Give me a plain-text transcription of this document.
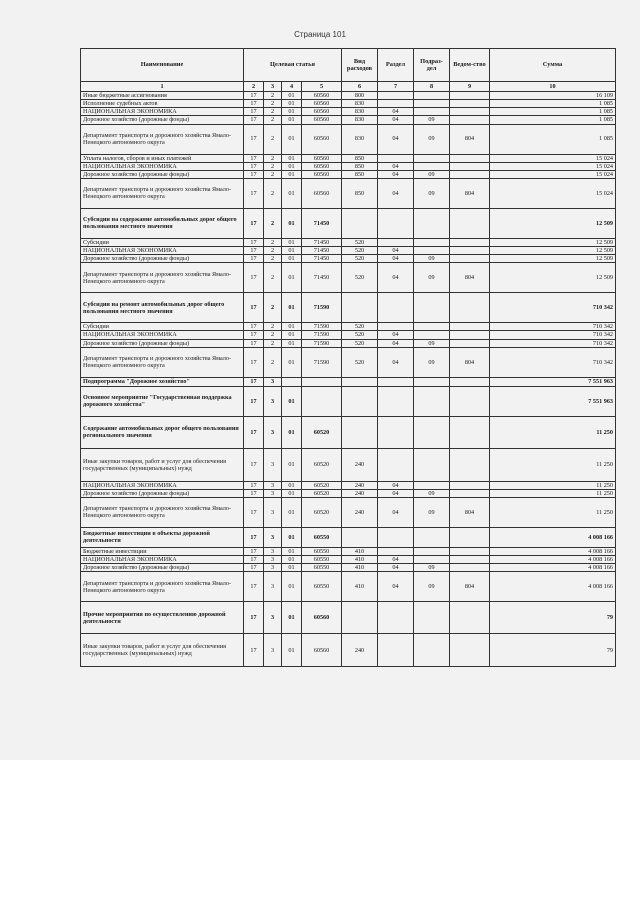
Страница 101
Наименование	Целевая статья				Вид расходов	Раздел	Подраз-дел	Ведом-ство	Сумма
1	2	3	4	5	6	7	8	9	10
Иные бюджетные ассигнования	17	2	01	60560	800				16 109
Исполнение судебных актов	17	2	01	60560	830				1 085
НАЦИОНАЛЬНАЯ ЭКОНОМИКА	17	2	01	60560	830	04			1 085
Дорожное хозяйство (дорожные фонды)	17	2	01	60560	830	04	09		1 085
Департамент транспорта и дорожного хозяйства Ямало-Ненецкого автономного округа	17	2	01	60560	830	04	09	804	1 085
Уплата налогов, сборов и иных платежей	17	2	01	60560	850				15 024
НАЦИОНАЛЬНАЯ ЭКОНОМИКА	17	2	01	60560	850	04			15 024
Дорожное хозяйство (дорожные фонды)	17	2	01	60560	850	04	09		15 024
Департамент транспорта и дорожного хозяйства Ямало-Ненецкого автономного округа	17	2	01	60560	850	04	09	804	15 024
Субсидии на содержание автомобильных дорог общего пользования местного значения	17	2	01	71450					12 509
Субсидии	17	2	01	71450	520				12 509
НАЦИОНАЛЬНАЯ ЭКОНОМИКА	17	2	01	71450	520	04			12 509
Дорожное хозяйство (дорожные фонды)	17	2	01	71450	520	04	09		12 509
Департамент транспорта и дорожного хозяйства Ямало-Ненецкого автономного округа	17	2	01	71450	520	04	09	804	12 509
Субсидии на ремонт автомобильных дорог общего пользования местного значения	17	2	01	71590					710 342
Субсидии	17	2	01	71590	520				710 342
НАЦИОНАЛЬНАЯ ЭКОНОМИКА	17	2	01	71590	520	04			710 342
Дорожное хозяйство (дорожные фонды)	17	2	01	71590	520	04	09		710 342
Департамент транспорта и дорожного хозяйства Ямало-Ненецкого автономного округа	17	2	01	71590	520	04	09	804	710 342
Подпрограмма "Дорожное хозяйство"	17	3							7 551 963
Основное мероприятие "Государственная поддержка дорожного хозяйства"	17	3	01						7 551 963
Содержание автомобильных дорог общего пользования регионального значения	17	3	01	60520					11 250
Иные закупки товаров, работ и услуг для обеспечения государственных (муниципальных) нужд	17	3	01	60520	240				11 250
НАЦИОНАЛЬНАЯ ЭКОНОМИКА	17	3	01	60520	240	04			11 250
Дорожное хозяйство (дорожные фонды)	17	3	01	60520	240	04	09		11 250
Департамент транспорта и дорожного хозяйства Ямало-Ненецкого автономного округа	17	3	01	60520	240	04	09	804	11 250
Бюджетные инвестиции в объекты дорожной деятельности	17	3	01	60550					4 008 166
Бюджетные инвестиции	17	3	01	60550	410				4 008 166
НАЦИОНАЛЬНАЯ ЭКОНОМИКА	17	3	01	60550	410	04			4 008 166
Дорожное хозяйство (дорожные фонды)	17	3	01	60550	410	04	09		4 008 166
Департамент транспорта и дорожного хозяйства Ямало-Ненецкого автономного округа	17	3	01	60550	410	04	09	804	4 008 166
Прочие мероприятия по осуществлению дорожной деятельности	17	3	01	60560					79
Иные закупки товаров, работ и услуг для обеспечения государственных (муниципальных) нужд	17	3	01	60560	240				79
